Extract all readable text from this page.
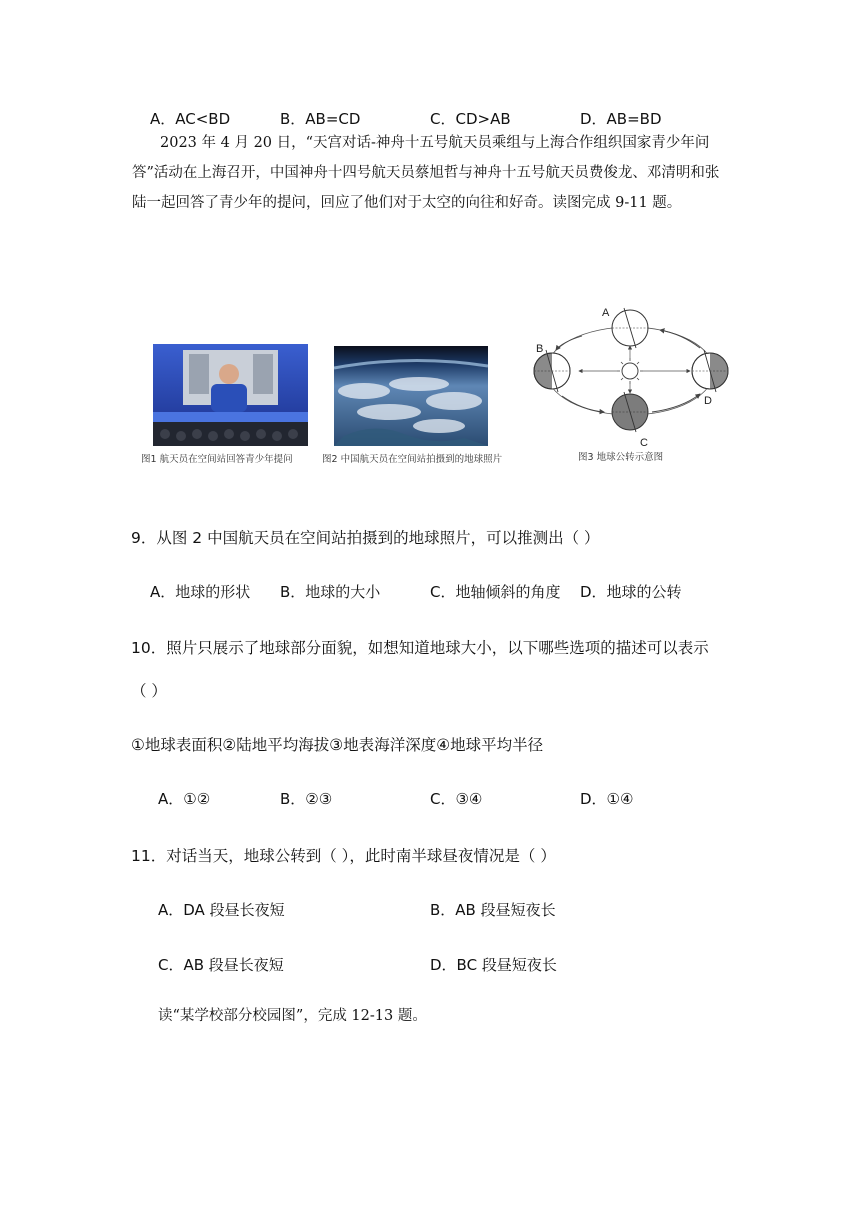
A．AC<BD	B．AB=CD	C．CD>AB	D．AB=BD
2023 年 4 月 20 日，“天宫对话-神舟十五号航天员乘组与上海合作组织国家青少年问答”活动在上海召开，中国神舟十四号航天员蔡旭哲与神舟十五号航天员费俊龙、邓清明和张陆一起回答了青少年的提问，回应了他们对于太空的向往和好奇。读图完成 9-11 题。
图1 航天员在空间站回答青少年提问	图2 中国航天员在空间站拍摄到的地球照片
A
B
C
D
图3 地球公转示意图
9．从图 2 中国航天员在空间站拍摄到的地球照片，可以推测出（ ）
A．地球的形状 B．地球的大小	C．地轴倾斜的角度 D．地球的公转
10．照片只展示了地球部分面貌，如想知道地球大小，以下哪些选项的描述可以表示
（ ）
①地球表面积②陆地平均海拔③地表海洋深度④地球平均半径
A．①②	B．②③	C．③④	D．①④
11．对话当天，地球公转到（ ），此时南半球昼夜情况是（ ）
A．DA 段昼长夜短	B．AB 段昼短夜长
C．AB 段昼长夜短	D．BC 段昼短夜长
读“某学校部分校园图”，完成 12-13 题。
